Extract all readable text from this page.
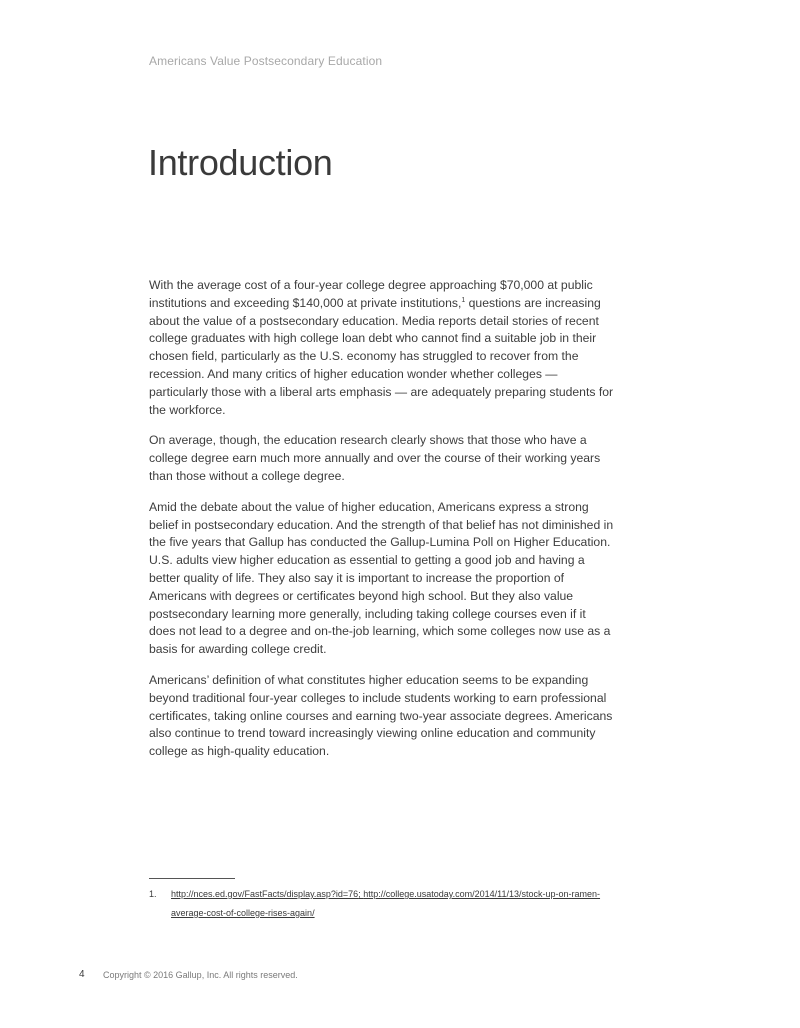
Americans Value Postsecondary Education
Introduction

With the average cost of a four-year college degree approaching $70,000 at public institutions and exceeding $140,000 at private institutions,$^1$ questions are increasing about the value of a postsecondary education. Media reports detail stories of recent college graduates with high college loan debt who cannot find a suitable job in their chosen field, particularly as the U.S. economy has struggled to recover from the recession. And many critics of higher education wonder whether colleges — particularly those with a liberal arts emphasis — are adequately preparing students for the workforce.

On average, though, the education research clearly shows that those who have a college degree earn much more annually and over the course of their working years than those without a college degree.

Amid the debate about the value of higher education, Americans express a strong belief in postsecondary education. And the strength of that belief has not diminished in the five years that Gallup has conducted the Gallup-Lumina Poll on Higher Education. U.S. adults view higher education as essential to getting a good job and having a better quality of life. They also say it is important to increase the proportion of Americans with degrees or certificates beyond high school. But they also value postsecondary learning more generally, including taking college courses even if it does not lead to a degree and on-the-job learning, which some colleges now use as a basis for awarding college credit.

Americans’ definition of what constitutes higher education seems to be expanding beyond traditional four-year colleges to include students working to earn professional certificates, taking online courses and earning two-year associate degrees. Americans also continue to trend toward increasingly viewing online education and community college as high-quality education.

1. http://nces.ed.gov/FastFacts/display.asp?id=76; http://college.usatoday.com/2014/11/13/stock-up-on-ramen-average-cost-of-college-rises-again/
4 Copyright © 2016 Gallup, Inc. All rights reserved.
